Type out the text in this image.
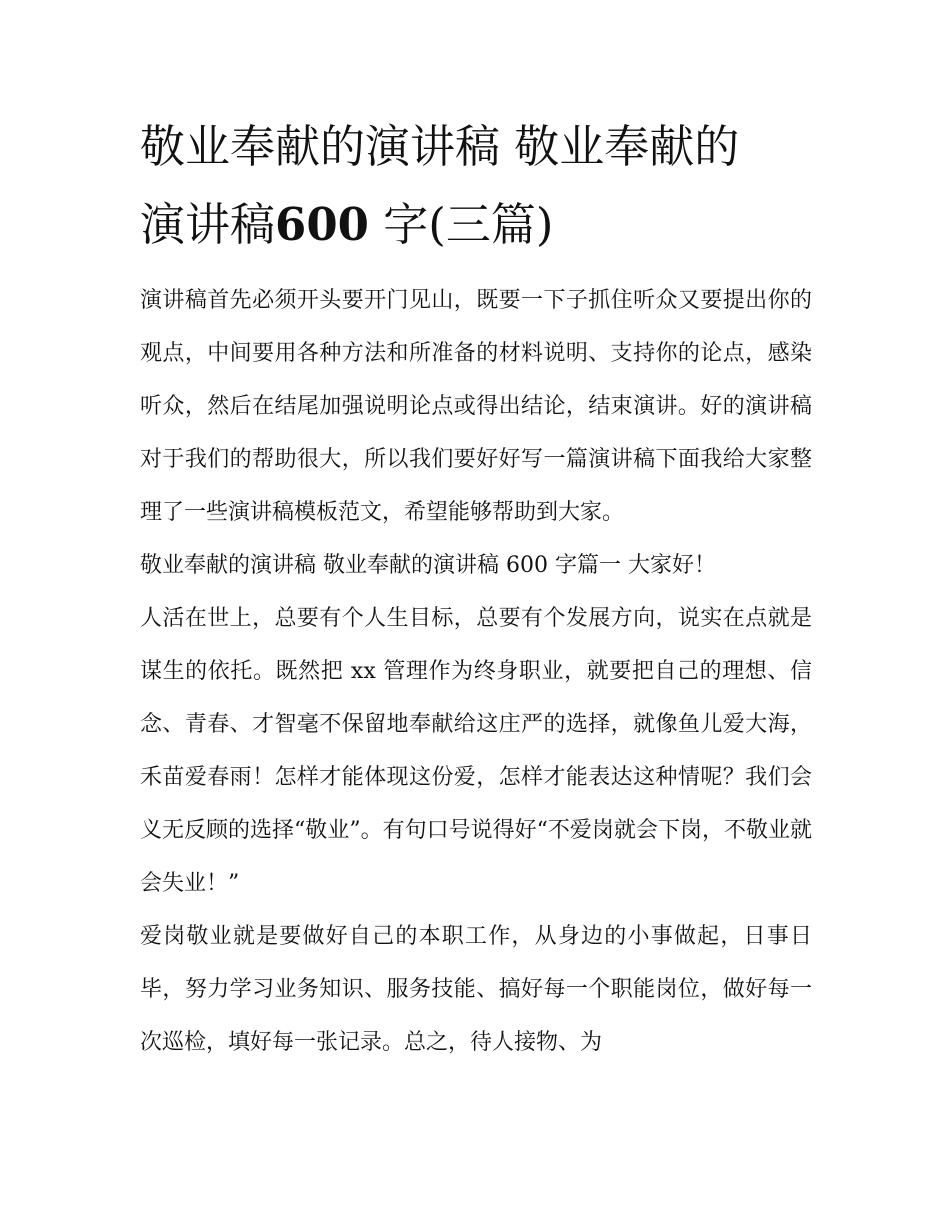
敬业奉献的演讲稿 敬业奉献的
演讲稿600 字(三篇)

演讲稿首先必须开头要开门见山，既要一下子抓住听众又要提出你的观点，中间要用各种方法和所准备的材料说明、支持你的论点，感染听众，然后在结尾加强说明论点或得出结论，结束演讲。好的演讲稿对于我们的帮助很大，所以我们要好好写一篇演讲稿下面我给大家整理了一些演讲稿模板范文，希望能够帮助到大家。

敬业奉献的演讲稿 敬业奉献的演讲稿 600 字篇一 大家好！

人活在世上，总要有个人生目标，总要有个发展方向，说实在点就是谋生的依托。既然把 xx 管理作为终身职业，就要把自己的理想、信念、青春、才智毫不保留地奉献给这庄严的选择，就像鱼儿爱大海，禾苗爱春雨！怎样才能体现这份爱，怎样才能表达这种情呢？我们会义无反顾的选择“敬业”。有句口号说得好“不爱岗就会下岗，不敬业就会失业！”

爱岗敬业就是要做好自己的本职工作，从身边的小事做起，日事日毕，努力学习业务知识、服务技能、搞好每一个职能岗位，做好每一次巡检，填好每一张记录。总之，待人接物、为
